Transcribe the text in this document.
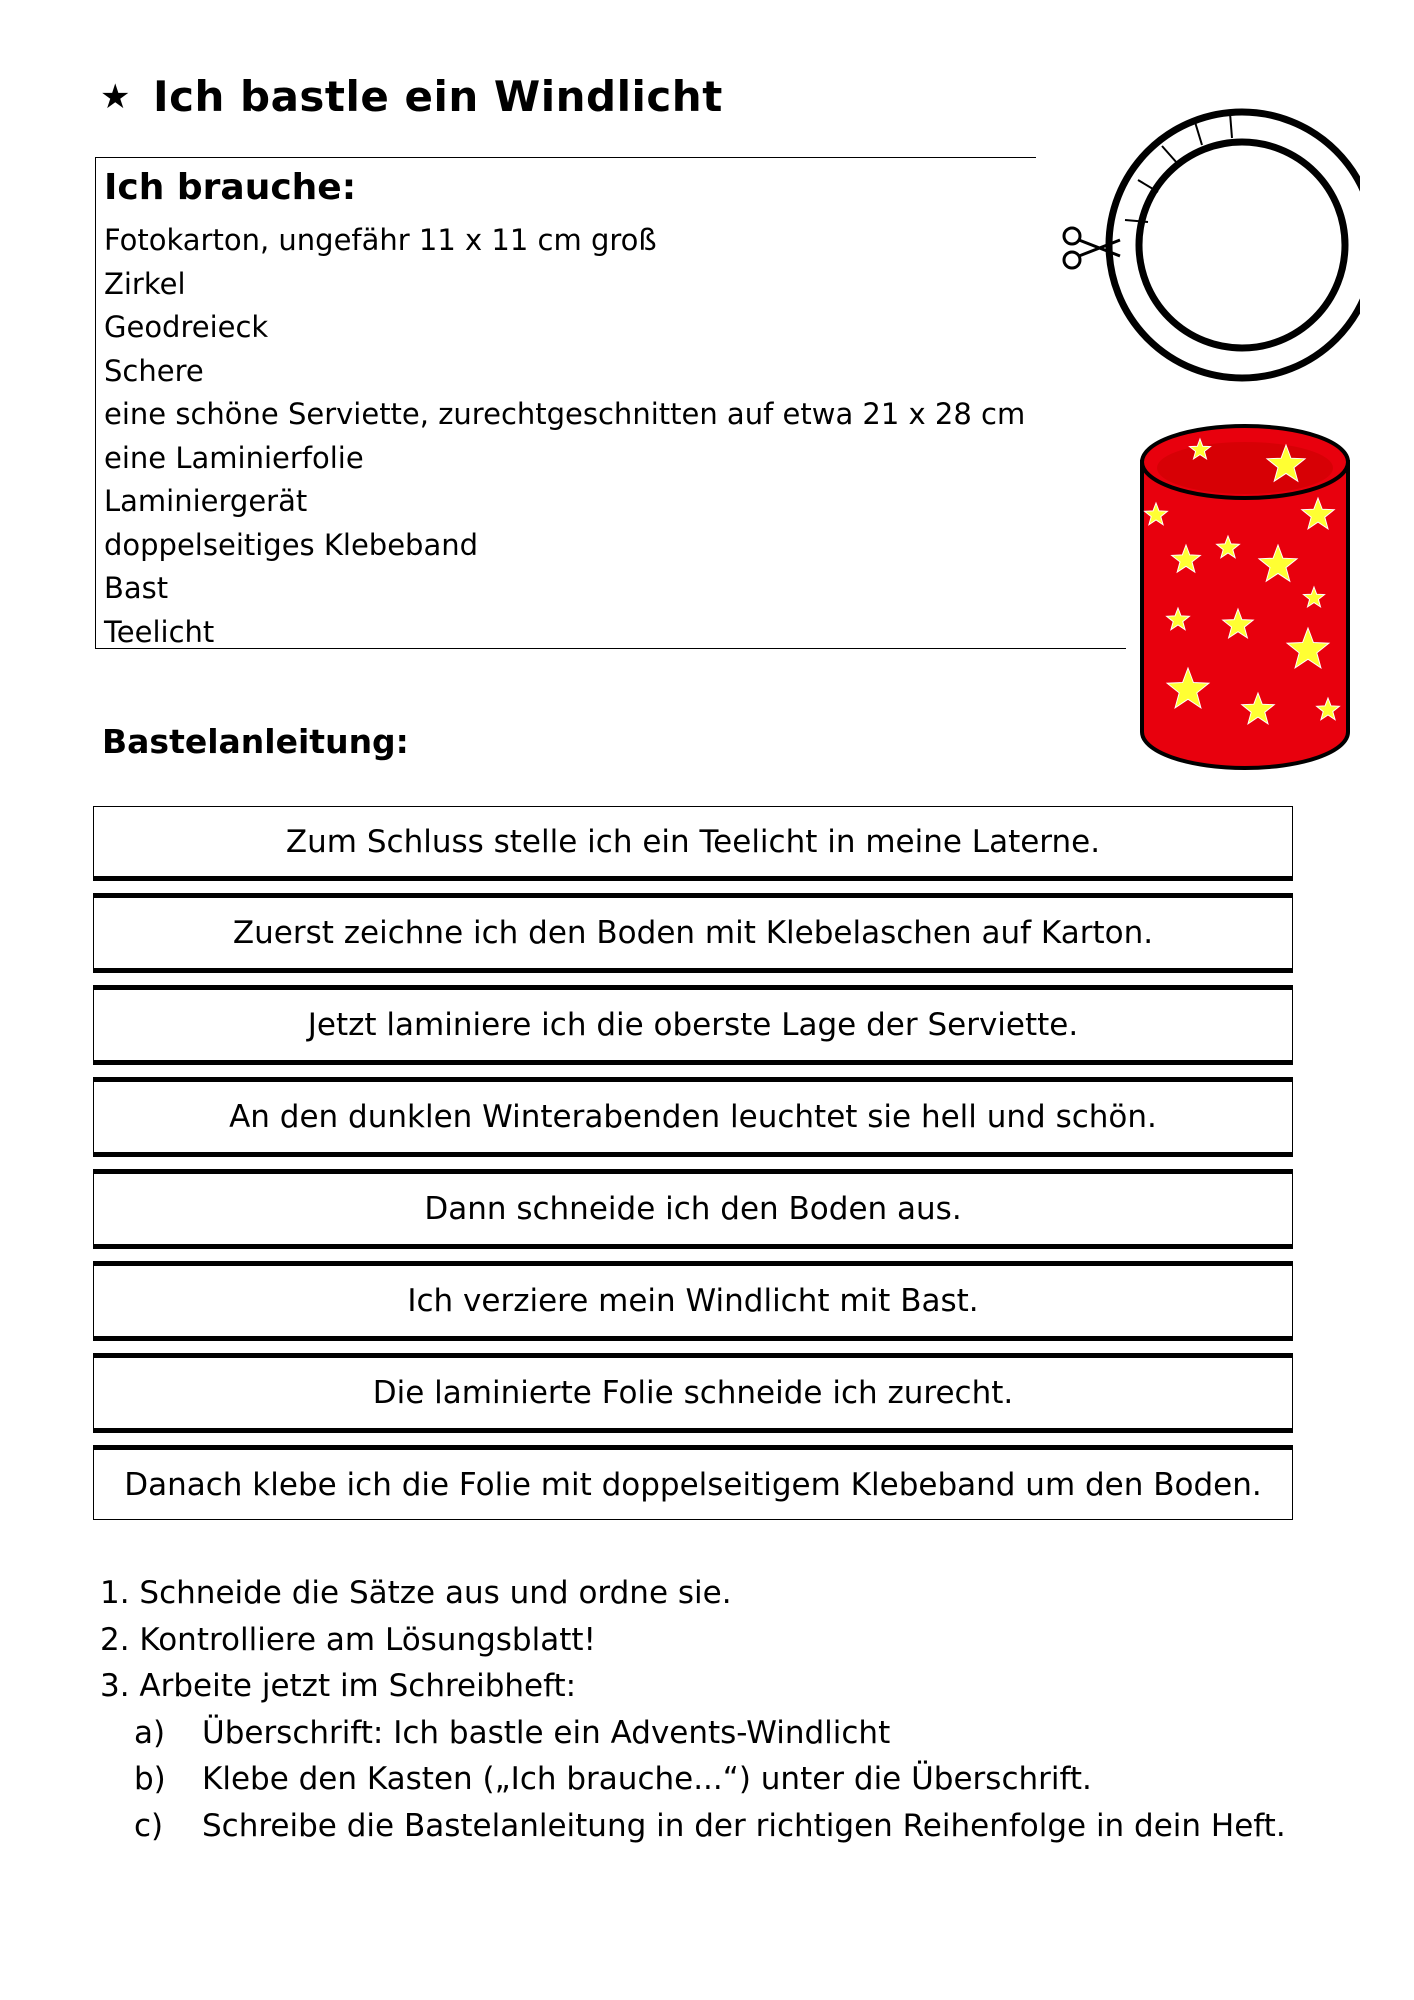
★ Ich bastle ein Windlicht
Ich brauche:
Fotokarton, ungefähr 11 x 11 cm groß
Zirkel
Geodreieck
Schere
eine schöne Serviette, zurechtgeschnitten auf etwa 21 x 28 cm
eine Laminierfolie
Laminiergerät
doppelseitiges Klebeband
Bast
Teelicht
Bastelanleitung:
Zum Schluss stelle ich ein Teelicht in meine Laterne.
Zuerst zeichne ich den Boden mit Klebelaschen auf Karton.
Jetzt laminiere ich die oberste Lage der Serviette.
An den dunklen Winterabenden leuchtet sie hell und schön.
Dann schneide ich den Boden aus.
Ich verziere mein Windlicht mit Bast.
Die laminierte Folie schneide ich zurecht.
Danach klebe ich die Folie mit doppelseitigem Klebeband um den Boden.
1. Schneide die Sätze aus und ordne sie.
2. Kontrolliere am Lösungsblatt!
3. Arbeite jetzt im Schreibheft:
a)	Überschrift: Ich bastle ein Advents-Windlicht
b)	Klebe den Kasten („Ich brauche...“) unter die Überschrift.
c)	Schreibe die Bastelanleitung in der richtigen Reihenfolge in dein Heft.
